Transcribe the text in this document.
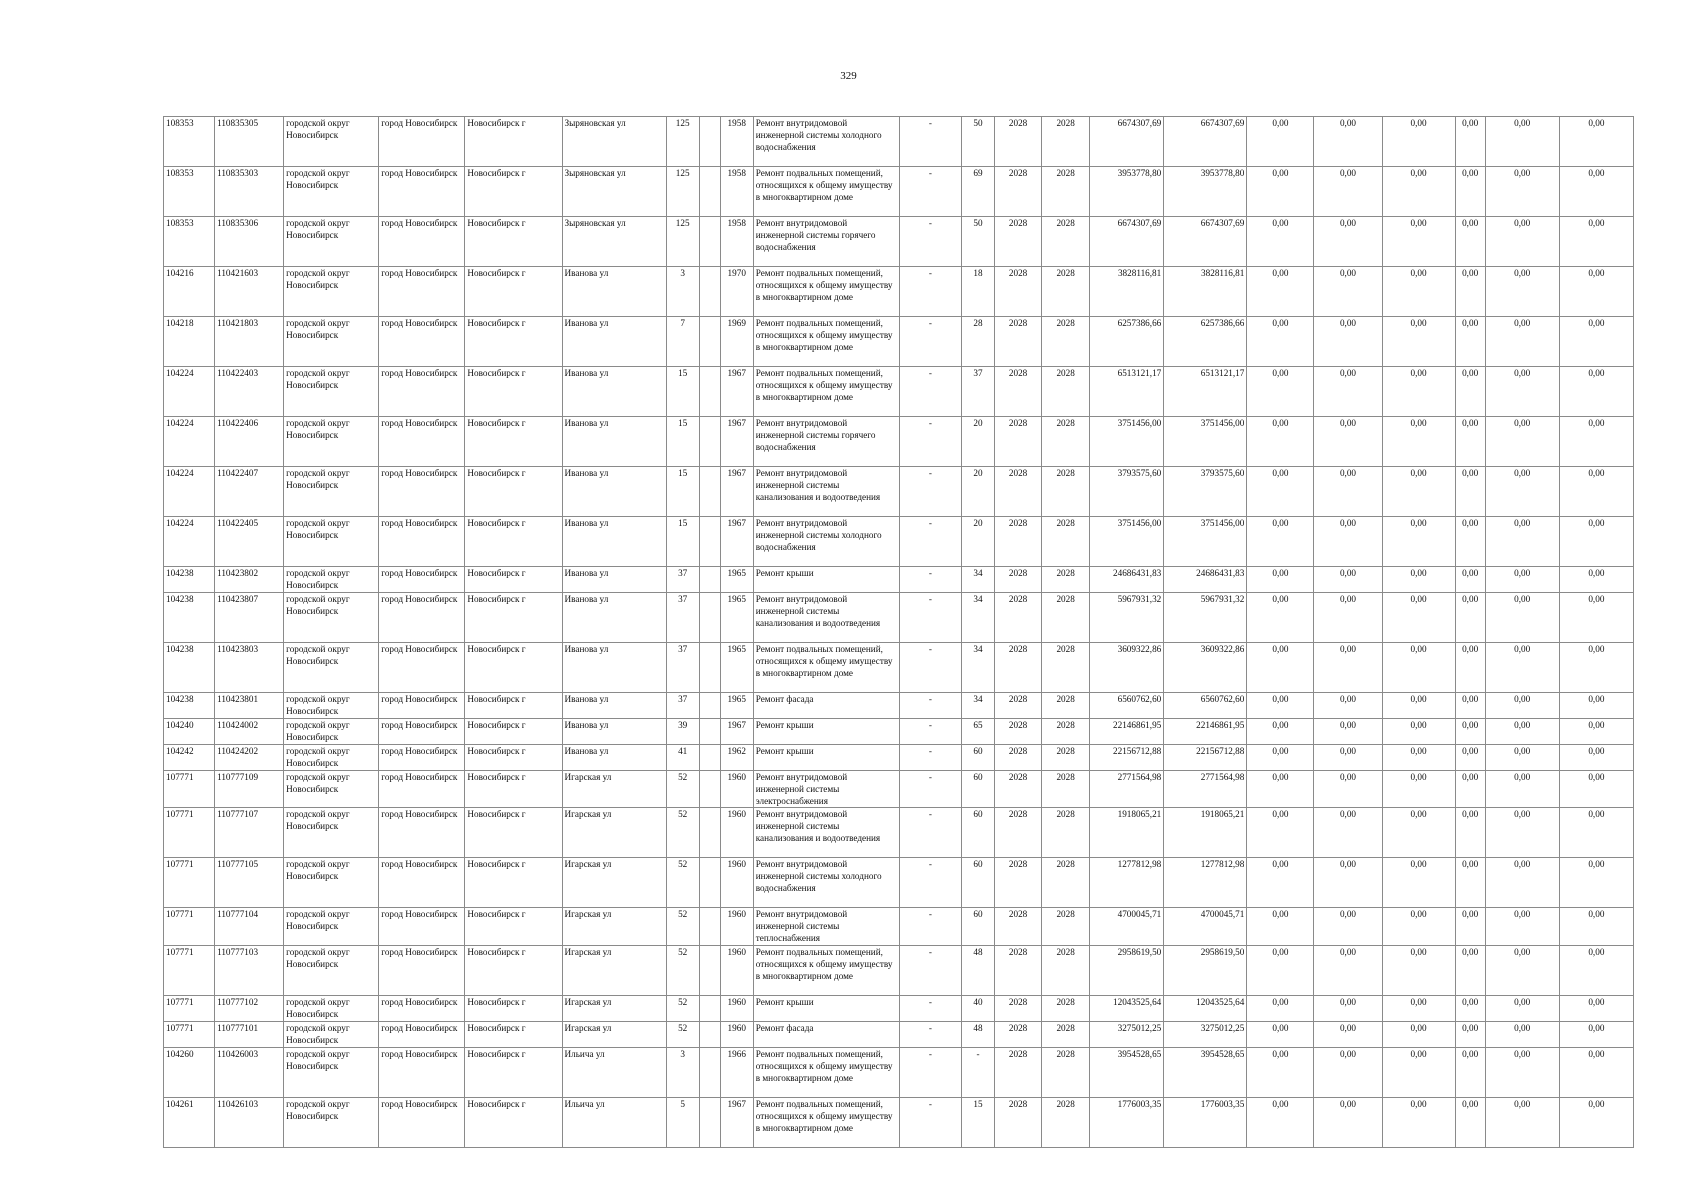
329
108353	110835305	городской округ Новосибирск	город Новосибирск	Новосибирск г	Зыряновская ул	125		1958	Ремонт внутридомовой инженерной системы холодного водоснабжения	-	50	2028	2028	6674307,69	6674307,69	0,00	0,00	0,00	0,00	0,00	0,00
108353	110835303	городской округ Новосибирск	город Новосибирск	Новосибирск г	Зыряновская ул	125		1958	Ремонт подвальных помещений, относящихся к общему имуществу в многоквартирном доме	-	69	2028	2028	3953778,80	3953778,80	0,00	0,00	0,00	0,00	0,00	0,00
108353	110835306	городской округ Новосибирск	город Новосибирск	Новосибирск г	Зыряновская ул	125		1958	Ремонт внутридомовой инженерной системы горячего водоснабжения	-	50	2028	2028	6674307,69	6674307,69	0,00	0,00	0,00	0,00	0,00	0,00
104216	110421603	городской округ Новосибирск	город Новосибирск	Новосибирск г	Иванова ул	3		1970	Ремонт подвальных помещений, относящихся к общему имуществу в многоквартирном доме	-	18	2028	2028	3828116,81	3828116,81	0,00	0,00	0,00	0,00	0,00	0,00
104218	110421803	городской округ Новосибирск	город Новосибирск	Новосибирск г	Иванова ул	7		1969	Ремонт подвальных помещений, относящихся к общему имуществу в многоквартирном доме	-	28	2028	2028	6257386,66	6257386,66	0,00	0,00	0,00	0,00	0,00	0,00
104224	110422403	городской округ Новосибирск	город Новосибирск	Новосибирск г	Иванова ул	15		1967	Ремонт подвальных помещений, относящихся к общему имуществу в многоквартирном доме	-	37	2028	2028	6513121,17	6513121,17	0,00	0,00	0,00	0,00	0,00	0,00
104224	110422406	городской округ Новосибирск	город Новосибирск	Новосибирск г	Иванова ул	15		1967	Ремонт внутридомовой инженерной системы горячего водоснабжения	-	20	2028	2028	3751456,00	3751456,00	0,00	0,00	0,00	0,00	0,00	0,00
104224	110422407	городской округ Новосибирск	город Новосибирск	Новосибирск г	Иванова ул	15		1967	Ремонт внутридомовой инженерной системы канализования и водоотведения	-	20	2028	2028	3793575,60	3793575,60	0,00	0,00	0,00	0,00	0,00	0,00
104224	110422405	городской округ Новосибирск	город Новосибирск	Новосибирск г	Иванова ул	15		1967	Ремонт внутридомовой инженерной системы холодного водоснабжения	-	20	2028	2028	3751456,00	3751456,00	0,00	0,00	0,00	0,00	0,00	0,00
104238	110423802	городской округ Новосибирск	город Новосибирск	Новосибирск г	Иванова ул	37		1965	Ремонт крыши	-	34	2028	2028	24686431,83	24686431,83	0,00	0,00	0,00	0,00	0,00	0,00
104238	110423807	городской округ Новосибирск	город Новосибирск	Новосибирск г	Иванова ул	37		1965	Ремонт внутридомовой инженерной системы канализования и водоотведения	-	34	2028	2028	5967931,32	5967931,32	0,00	0,00	0,00	0,00	0,00	0,00
104238	110423803	городской округ Новосибирск	город Новосибирск	Новосибирск г	Иванова ул	37		1965	Ремонт подвальных помещений, относящихся к общему имуществу в многоквартирном доме	-	34	2028	2028	3609322,86	3609322,86	0,00	0,00	0,00	0,00	0,00	0,00
104238	110423801	городской округ Новосибирск	город Новосибирск	Новосибирск г	Иванова ул	37		1965	Ремонт фасада	-	34	2028	2028	6560762,60	6560762,60	0,00	0,00	0,00	0,00	0,00	0,00
104240	110424002	городской округ Новосибирск	город Новосибирск	Новосибирск г	Иванова ул	39		1967	Ремонт крыши	-	65	2028	2028	22146861,95	22146861,95	0,00	0,00	0,00	0,00	0,00	0,00
104242	110424202	городской округ Новосибирск	город Новосибирск	Новосибирск г	Иванова ул	41		1962	Ремонт крыши	-	60	2028	2028	22156712,88	22156712,88	0,00	0,00	0,00	0,00	0,00	0,00
107771	110777109	городской округ Новосибирск	город Новосибирск	Новосибирск г	Игарская ул	52		1960	Ремонт внутридомовой инженерной системы электроснабжения	-	60	2028	2028	2771564,98	2771564,98	0,00	0,00	0,00	0,00	0,00	0,00
107771	110777107	городской округ Новосибирск	город Новосибирск	Новосибирск г	Игарская ул	52		1960	Ремонт внутридомовой инженерной системы канализования и водоотведения	-	60	2028	2028	1918065,21	1918065,21	0,00	0,00	0,00	0,00	0,00	0,00
107771	110777105	городской округ Новосибирск	город Новосибирск	Новосибирск г	Игарская ул	52		1960	Ремонт внутридомовой инженерной системы холодного водоснабжения	-	60	2028	2028	1277812,98	1277812,98	0,00	0,00	0,00	0,00	0,00	0,00
107771	110777104	городской округ Новосибирск	город Новосибирск	Новосибирск г	Игарская ул	52		1960	Ремонт внутридомовой инженерной системы теплоснабжения	-	60	2028	2028	4700045,71	4700045,71	0,00	0,00	0,00	0,00	0,00	0,00
107771	110777103	городской округ Новосибирск	город Новосибирск	Новосибирск г	Игарская ул	52		1960	Ремонт подвальных помещений, относящихся к общему имуществу в многоквартирном доме	-	48	2028	2028	2958619,50	2958619,50	0,00	0,00	0,00	0,00	0,00	0,00
107771	110777102	городской округ Новосибирск	город Новосибирск	Новосибирск г	Игарская ул	52		1960	Ремонт крыши	-	40	2028	2028	12043525,64	12043525,64	0,00	0,00	0,00	0,00	0,00	0,00
107771	110777101	городской округ Новосибирск	город Новосибирск	Новосибирск г	Игарская ул	52		1960	Ремонт фасада	-	48	2028	2028	3275012,25	3275012,25	0,00	0,00	0,00	0,00	0,00	0,00
104260	110426003	городской округ Новосибирск	город Новосибирск	Новосибирск г	Ильича ул	3		1966	Ремонт подвальных помещений, относящихся к общему имуществу в многоквартирном доме	-	-	2028	2028	3954528,65	3954528,65	0,00	0,00	0,00	0,00	0,00	0,00
104261	110426103	городской округ Новосибирск	город Новосибирск	Новосибирск г	Ильича ул	5		1967	Ремонт подвальных помещений, относящихся к общему имуществу в многоквартирном доме	-	15	2028	2028	1776003,35	1776003,35	0,00	0,00	0,00	0,00	0,00	0,00
